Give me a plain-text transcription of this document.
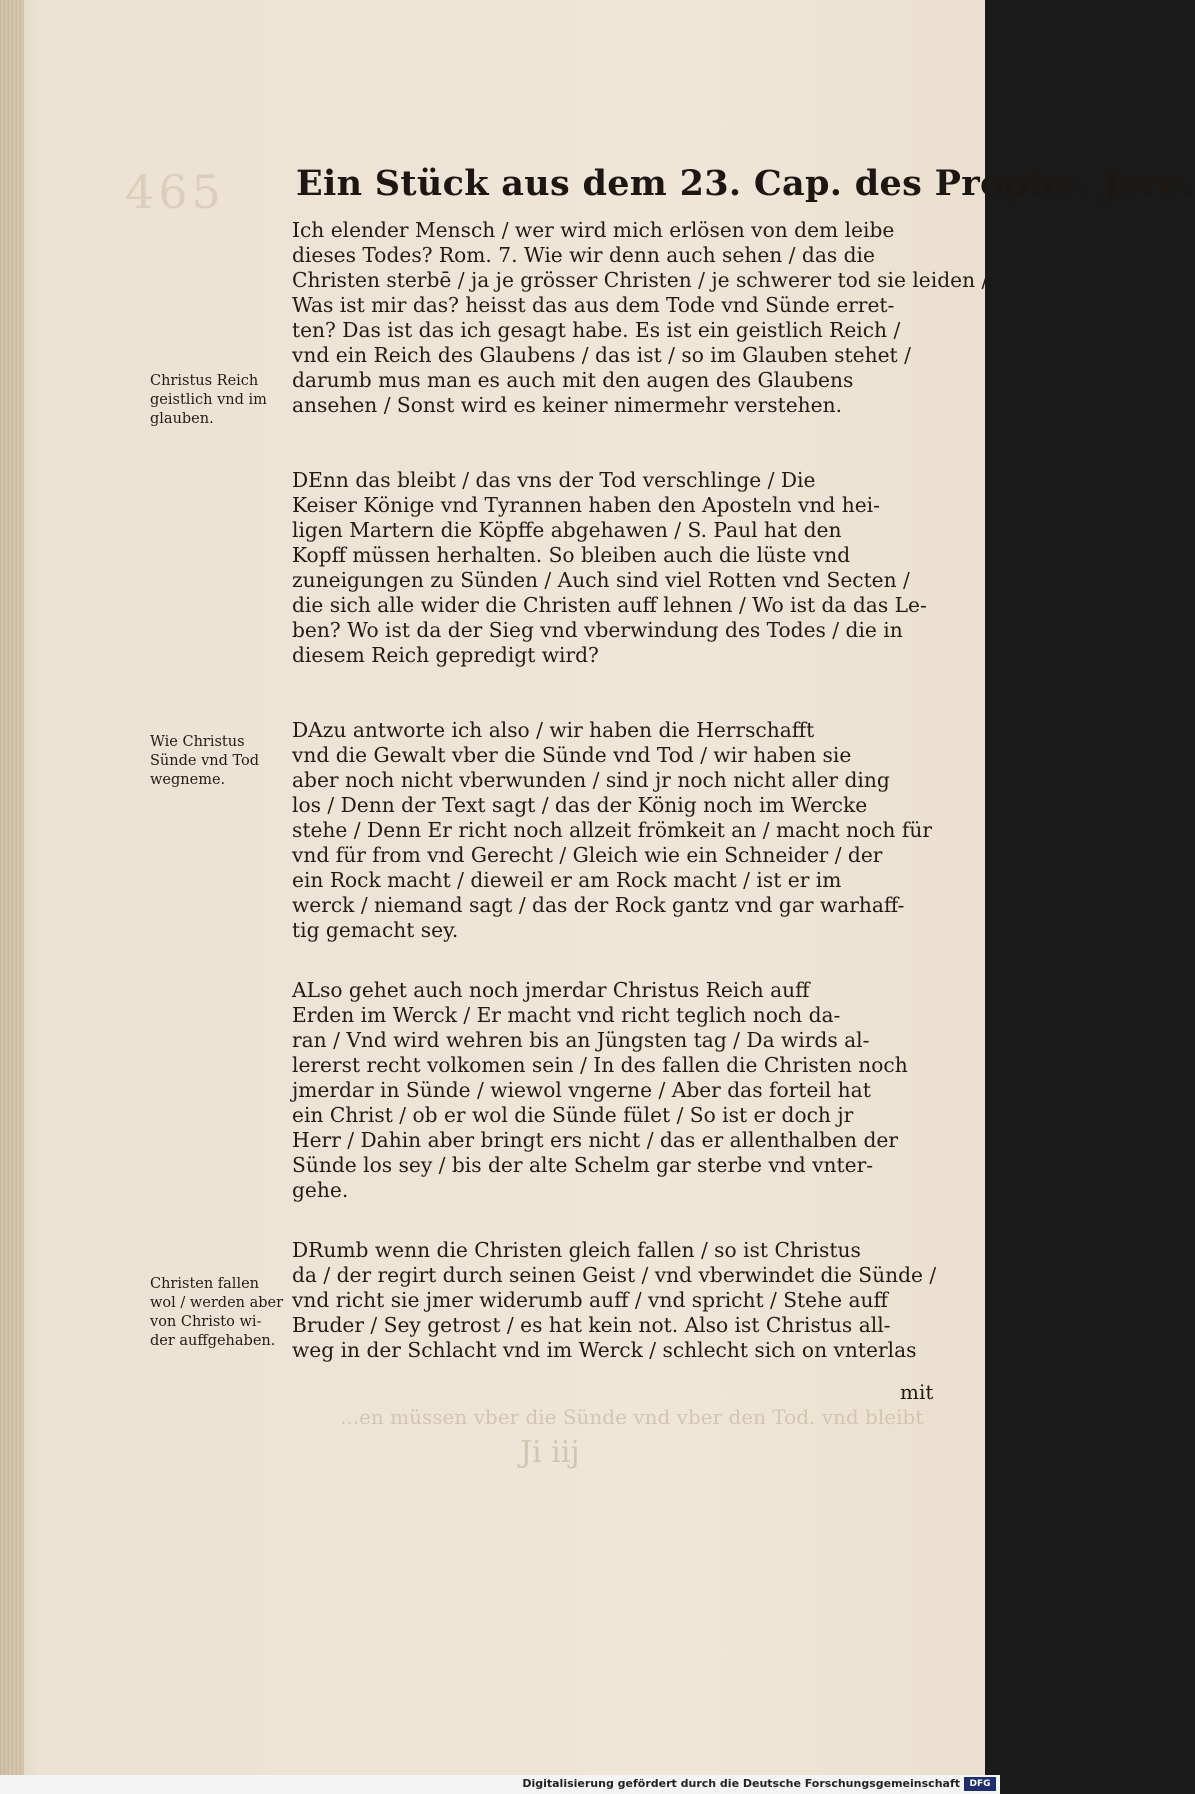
465
...en müssen vber die Sünde vnd vber den Tod. vnd bleibt
Ji iij
Ein Stück aus dem 23. Cap. des Prophe. Jere.
Ich elender Mensch / wer wird mich erlösen von dem leibe
dieses Todes? Rom. 7. Wie wir denn auch sehen / das die
Christen sterbē / ja je grösser Christen / je schwerer tod sie leiden /
Was ist mir das? heisst das aus dem Tode vnd Sünde erret-
ten? Das ist das ich gesagt habe. Es ist ein geistlich Reich /
vnd ein Reich des Glaubens / das ist / so im Glauben stehet /
darumb mus man es auch mit den augen des Glaubens
ansehen / Sonst wird es keiner nimermehr verstehen.
DEnn das bleibt / das vns der Tod verschlinge / Die
Keiser Könige vnd Tyrannen haben den Aposteln vnd hei-
ligen Martern die Köpffe abgehawen / S. Paul hat den
Kopff müssen herhalten. So bleiben auch die lüste vnd
zuneigungen zu Sünden / Auch sind viel Rotten vnd Secten /
die sich alle wider die Christen auff lehnen / Wo ist da das Le-
ben? Wo ist da der Sieg vnd vberwindung des Todes / die in
diesem Reich gepredigt wird?
DAzu antworte ich also / wir haben die Herrschafft
vnd die Gewalt vber die Sünde vnd Tod / wir haben sie
aber noch nicht vberwunden / sind jr noch nicht aller ding
los / Denn der Text sagt / das der König noch im Wercke
stehe / Denn Er richt noch allzeit frömkeit an / macht noch für
vnd für from vnd Gerecht / Gleich wie ein Schneider / der
ein Rock macht / dieweil er am Rock macht / ist er im
werck / niemand sagt / das der Rock gantz vnd gar warhaff-
tig gemacht sey.
ALso gehet auch noch jmerdar Christus Reich auff
Erden im Werck / Er macht vnd richt teglich noch da-
ran / Vnd wird wehren bis an Jüngsten tag / Da wirds al-
lererst recht volkomen sein / In des fallen die Christen noch
jmerdar in Sünde / wiewol vngerne / Aber das forteil hat
ein Christ / ob er wol die Sünde fület / So ist er doch jr
Herr / Dahin aber bringt ers nicht / das er allenthalben der
Sünde los sey / bis der alte Schelm gar sterbe vnd vnter-
gehe.
DRumb wenn die Christen gleich fallen / so ist Christus
da / der regirt durch seinen Geist / vnd vberwindet die Sünde /
vnd richt sie jmer widerumb auff / vnd spricht / Stehe auff
Bruder / Sey getrost / es hat kein not. Also ist Christus all-
weg in der Schlacht vnd im Werck / schlecht sich on vnterlas
mit
Christus Reich
geistlich vnd im
glauben.
Wie Christus
Sünde vnd Tod
wegneme.
Christen fallen
wol / werden aber
von Christo wi-
der auffgehaben.
Digitalisierung gefördert durch die Deutsche Forschungsgemeinschaft	DFG
